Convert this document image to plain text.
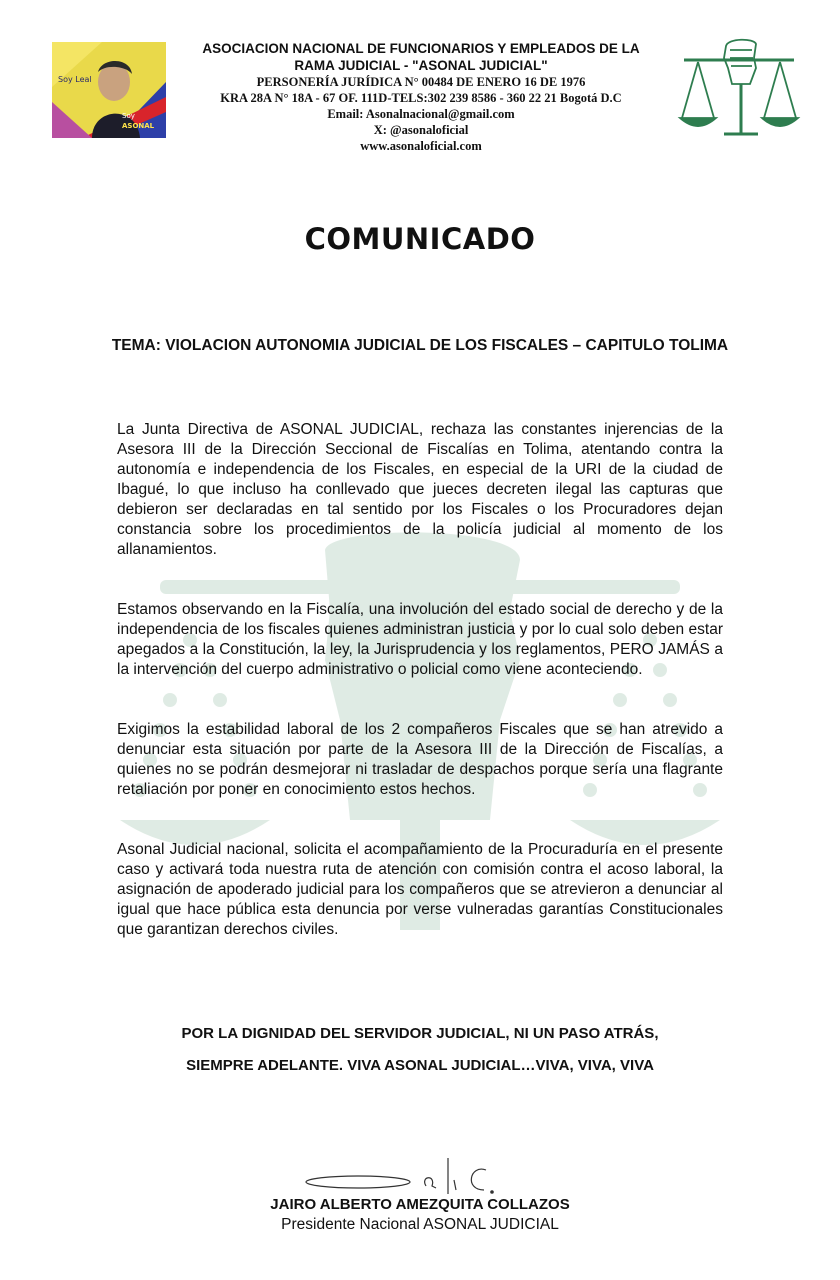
Soy Leal
Soy
ASONAL
ASOCIACION NACIONAL DE FUNCIONARIOS Y EMPLEADOS DE LA
RAMA JUDICIAL - "ASONAL JUDICIAL"
PERSONERÍA JURÍDICA N° 00484 DE ENERO 16 DE 1976
KRA 28A N° 18A - 67 OF. 111D-TELS:302 239 8586 - 360 22 21 Bogotá D.C
Email: Asonalnacional@gmail.com
X: @asonaloficial
www.asonaloficial.com
COMUNICADO
TEMA: VIOLACION AUTONOMIA JUDICIAL DE LOS FISCALES – CAPITULO TOLIMA

La Junta Directiva de ASONAL JUDICIAL, rechaza las constantes injerencias de la Asesora III de la Dirección Seccional de Fiscalías en Tolima, atentando contra la autonomía e independencia de los Fiscales, en especial de la URI de la ciudad de Ibagué, lo que incluso ha conllevado que jueces decreten ilegal las capturas que debieron ser declaradas en tal sentido por los Fiscales o los Procuradores dejan constancia sobre los procedimientos de la policía judicial al momento de los allanamientos.

Estamos observando en la Fiscalía, una involución del estado social de derecho y de la independencia de los fiscales quienes administran justicia y por lo cual solo deben estar apegados a la Constitución, la ley, la Jurisprudencia y los reglamentos, PERO JAMÁS a la intervención del cuerpo administrativo o policial como viene aconteciendo.

Exigimos la estabilidad laboral de los 2 compañeros Fiscales que se han atrevido a denunciar esta situación por parte de la Asesora III de la Dirección de Fiscalías, a quienes no se podrán desmejorar ni trasladar de despachos porque sería una flagrante retaliación por poner en conocimiento estos hechos.

Asonal Judicial nacional, solicita el acompañamiento de la Procuraduría en el presente caso y activará toda nuestra ruta de atención con comisión contra el acoso laboral, la asignación de apoderado judicial para los compañeros que se atrevieron a denunciar al igual que hace pública esta denuncia por verse vulneradas garantías Constitucionales que garantizan derechos civiles.

POR LA DIGNIDAD DEL SERVIDOR JUDICIAL, NI UN PASO ATRÁS,
SIEMPRE ADELANTE. VIVA ASONAL JUDICIAL…VIVA, VIVA, VIVA
JAIRO ALBERTO AMEZQUITA COLLAZOS
Presidente Nacional ASONAL JUDICIAL
